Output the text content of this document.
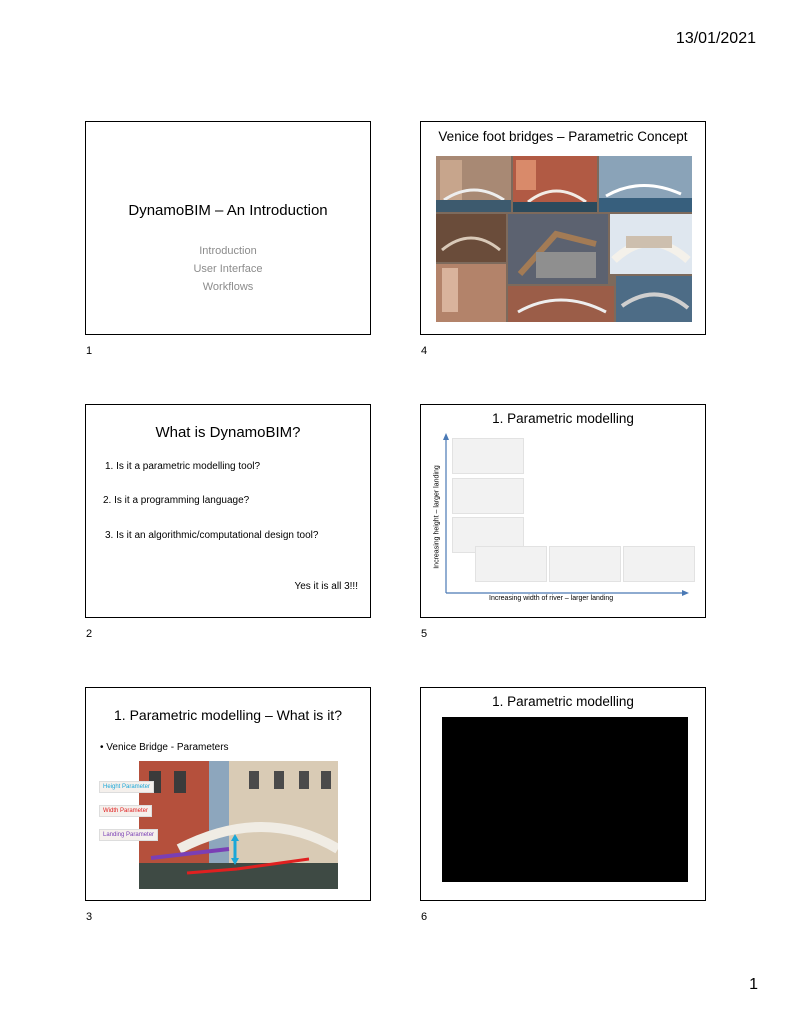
13/01/2021
DynamoBIM – An Introduction
Introduction
User Interface
Workflows
1
Venice foot bridges – Parametric Concept
4
What is DynamoBIM?
1. Is it a parametric modelling tool?
2. Is it a programming language?
3. Is it an algorithmic/computational design tool?
Yes it is all 3!!!
2
1. Parametric modelling
Increasing height – larger landing
Increasing width of river – larger landing
5
1. Parametric modelling – What is it?
• Venice Bridge - Parameters
Height Parameter
Width Parameter
Landing Parameter
3
1. Parametric modelling
6
1
